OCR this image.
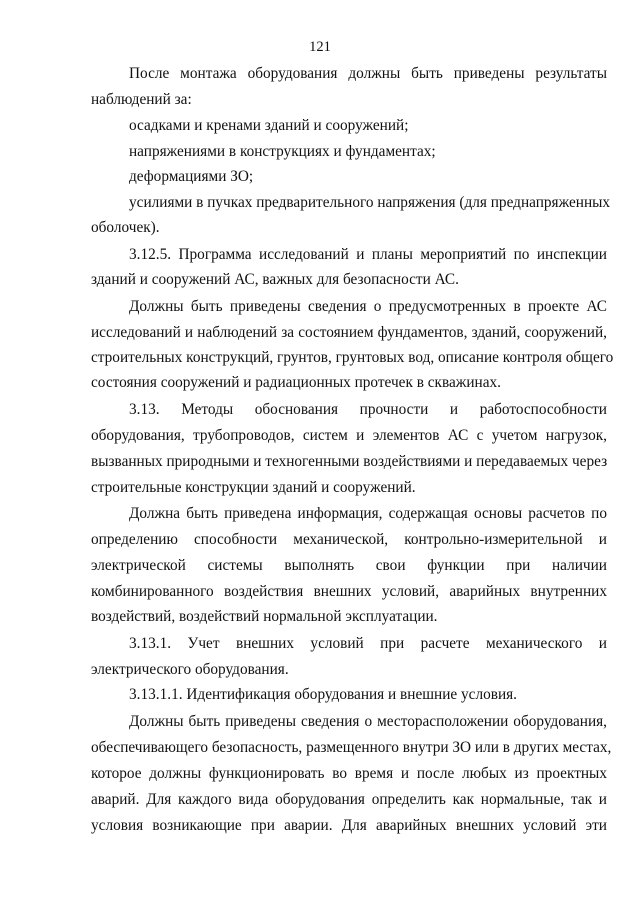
121
После монтажа оборудования должны быть приведены результаты
наблюдений за:
осадками и кренами зданий и сооружений;
напряжениями в конструкциях и фундаментах;
деформациями ЗО;
усилиями в пучках предварительного напряжения (для преднапряженных
оболочек).
3.12.5. Программа исследований и планы мероприятий по инспекции
зданий и сооружений АС, важных для безопасности АС.
Должны быть приведены сведения о предусмотренных в проекте АС
исследований и наблюдений за состоянием фундаментов, зданий, сооружений,
строительных конструкций, грунтов, грунтовых вод, описание контроля общего
состояния сооружений и радиационных протечек в скважинах.
3.13. Методы обоснования прочности и работоспособности
оборудования, трубопроводов, систем и элементов АС с учетом нагрузок,
вызванных природными и техногенными воздействиями и передаваемых через
строительные конструкции зданий и сооружений.
Должна быть приведена информация, содержащая основы расчетов по
определению способности механической, контрольно-измерительной и
электрической системы выполнять свои функции при наличии
комбинированного воздействия внешних условий, аварийных внутренних
воздействий, воздействий нормальной эксплуатации.
3.13.1. Учет внешних условий при расчете механического и
электрического оборудования.
3.13.1.1. Идентификация оборудования и внешние условия.
Должны быть приведены сведения о месторасположении оборудования,
обеспечивающего безопасность, размещенного внутри ЗО или в других местах,
которое должны функционировать во время и после любых из проектных
аварий. Для каждого вида оборудования определить как нормальные, так и
условия возникающие при аварии. Для аварийных внешних условий эти
